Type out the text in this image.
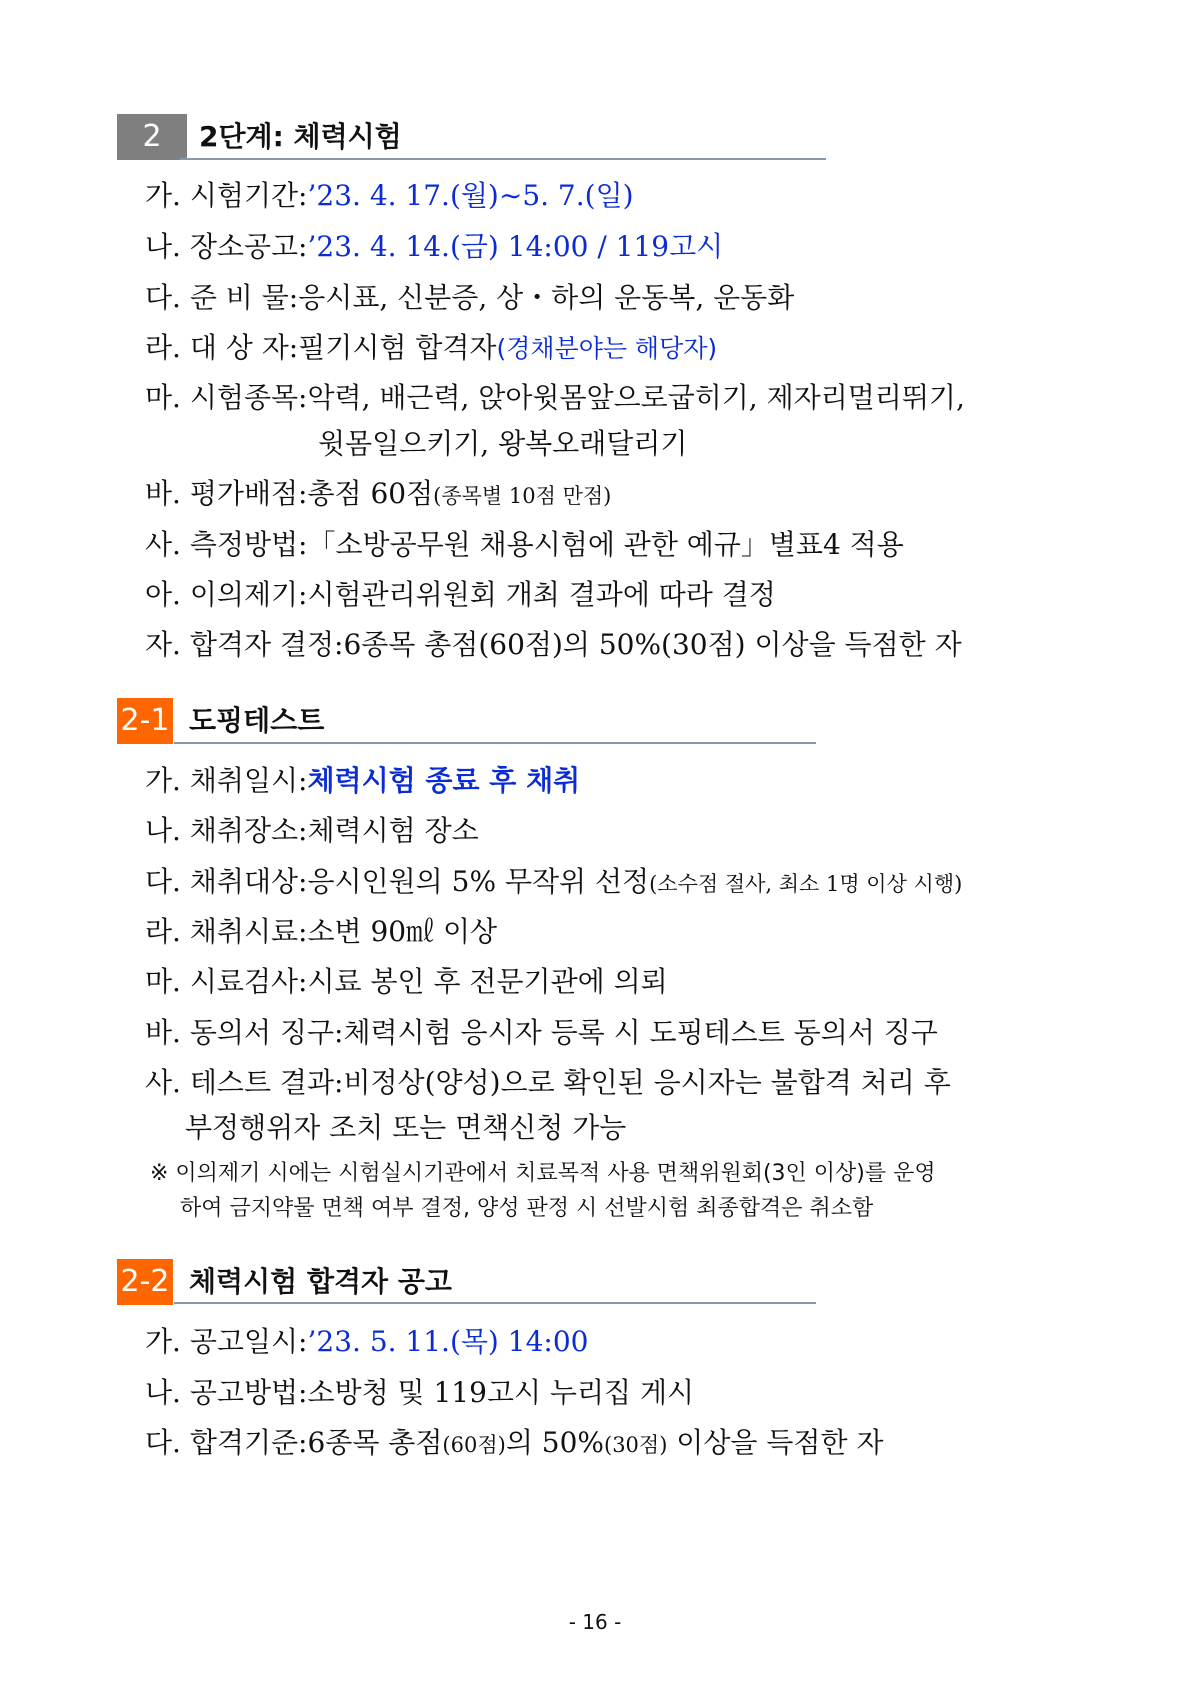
2	2단계: 체력시험
가. 시험기간:’23. 4. 17.(월)∼5. 7.(일)
나. 장소공고:’23. 4. 14.(금) 14:00 / 119고시
다. 준 비 물:응시표, 신분증, 상・하의 운동복, 운동화
라. 대 상 자:필기시험 합격자(경채분야는 해당자)
마. 시험종목:악력, 배근력, 앉아윗몸앞으로굽히기, 제자리멀리뛰기,
윗몸일으키기, 왕복오래달리기
바. 평가배점:총점 60점(종목별 10점 만점)
사. 측정방법:「소방공무원 채용시험에 관한 예규」별표4 적용
아. 이의제기:시험관리위원회 개최 결과에 따라 결정
자. 합격자 결정:6종목 총점(60점)의 50%(30점) 이상을 득점한 자
2-1 도핑테스트
가. 채취일시:체력시험 종료 후 채취
나. 채취장소:체력시험 장소
다. 채취대상:응시인원의 5% 무작위 선정(소수점 절사, 최소 1명 이상 시행)
라. 채취시료:소변 90㎖ 이상
마. 시료검사:시료 봉인 후 전문기관에 의뢰
바. 동의서 징구:체력시험 응시자 등록 시 도핑테스트 동의서 징구
사. 테스트 결과:비정상(양성)으로 확인된 응시자는 불합격 처리 후
부정행위자 조치 또는 면책신청 가능
※ 이의제기 시에는 시험실시기관에서 치료목적 사용 면책위원회(3인 이상)를 운영
하여 금지약물 면책 여부 결정, 양성 판정 시 선발시험 최종합격은 취소함
2-2 체력시험 합격자 공고
가. 공고일시:’23. 5. 11.(목) 14:00
나. 공고방법:소방청 및 119고시 누리집 게시
다. 합격기준:6종목 총점(60점)의 50%(30점) 이상을 득점한 자
- 16 -
